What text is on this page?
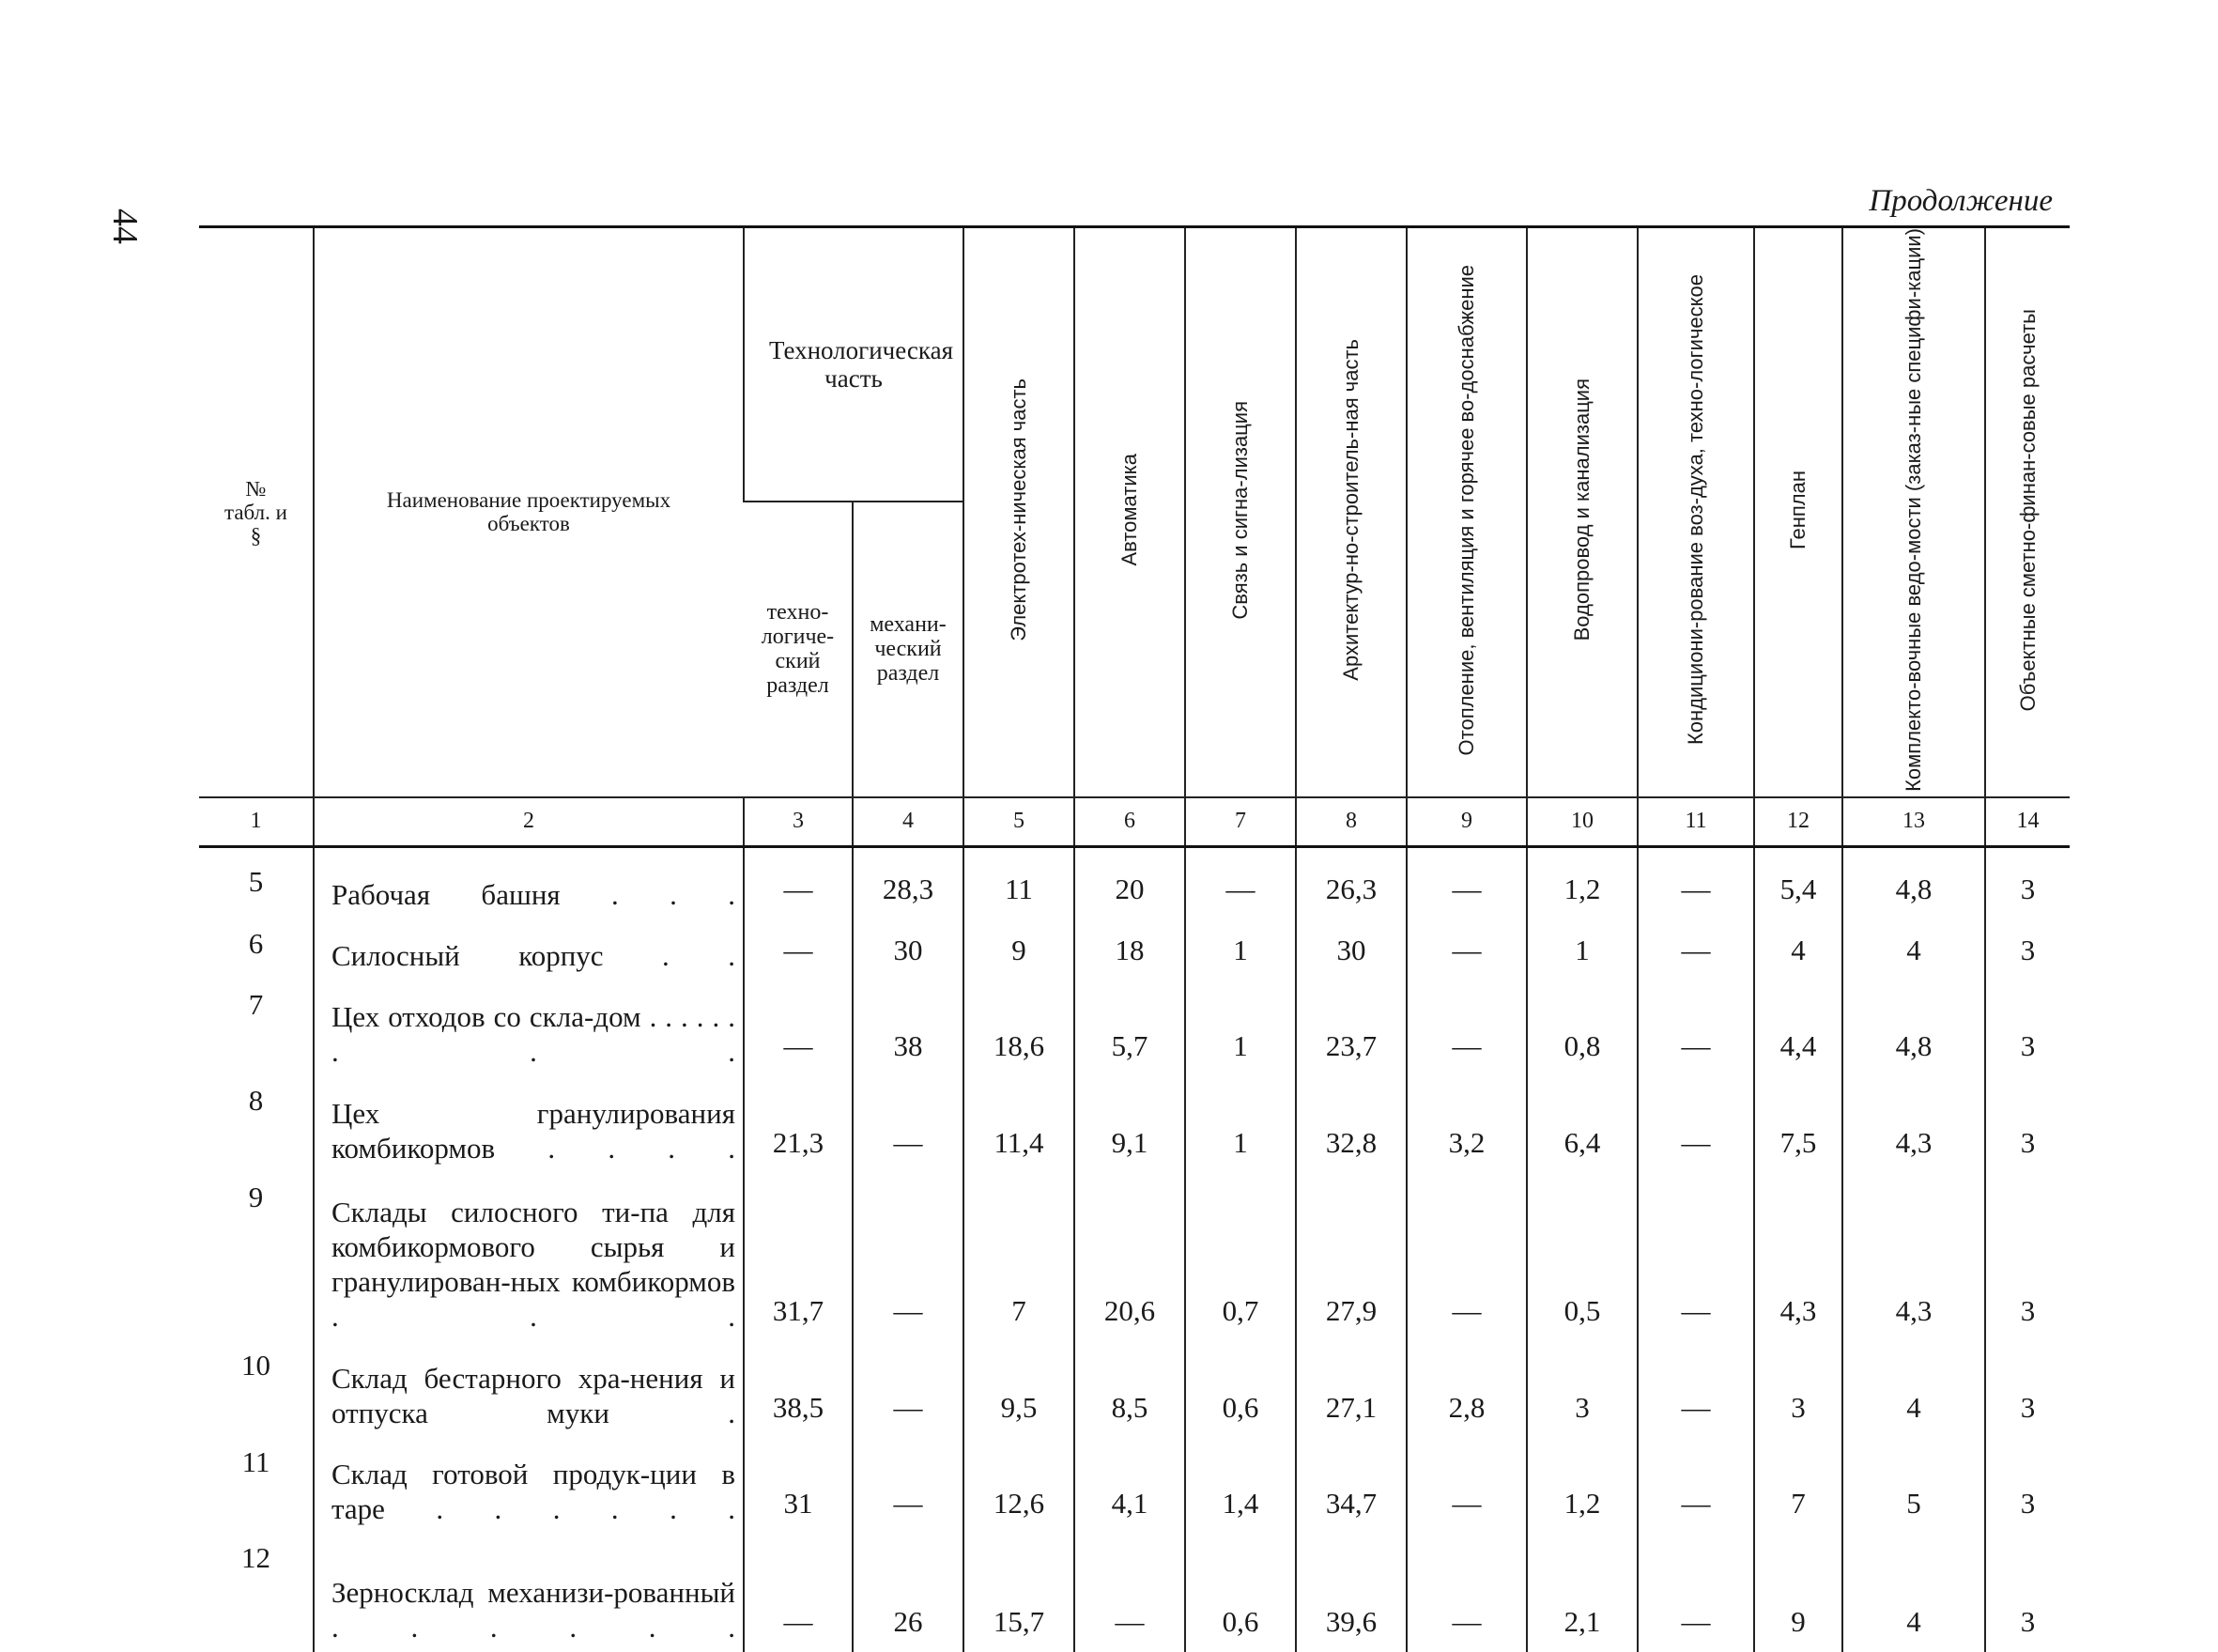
44
Продолжение
№ табл. и §	Наименование проектируемых объектов	Технологическая часть		Электротех-ническая часть	Автоматика	Связь и сигна-лизация	Архитектур-но-строитель-ная часть	Отопление, вентиляция и горячее во-доснабжение	Водопровод и канализация	Кондициони-рование воз-духа, техно-логическое	Генплан	Комплекто-вочные ведо-мости (заказ-ные специфи-кации)	Объектные сметно-финан-совые расчеты
		техно-логиче-ский раздел	механи-ческий раздел										
1	2	3	4	5	6	7	8	9	10	11	12	13	14

5	Рабочая башня . . .	—	28,3	11	20	—	26,3	—	1,2	—	5,4	4,8	3
6	Силосный корпус . .	—	30	9	18	1	30	—	1	—	4	4	3
7	Цех отходов со скла-дом . . . . . . . . .	—	38	18,6	5,7	1	23,7	—	0,8	—	4,4	4,8	3
8	Цех гранулирования комбикормов . . . .	21,3	—	11,4	9,1	1	32,8	3,2	6,4	—	7,5	4,3	3
9	Склады силосного ти-па для комбикормового сырья и гранулирован-ных комбикормов . . .	31,7	—	7	20,6	0,7	27,9	—	0,5	—	4,3	4,3	3
10	Склад бестарного хра-нения и отпуска муки .	38,5	—	9,5	8,5	0,6	27,1	2,8	3	—	3	4	3
11	Склад готовой продук-ции в таре . . . . . .	31	—	12,6	4,1	1,4	34,7	—	1,2	—	7	5	3
12	Зерносклад механизи-рованный . . . . . .	—	26	15,7	—	0,6	39,6	—	2,1	—	9	4	3
